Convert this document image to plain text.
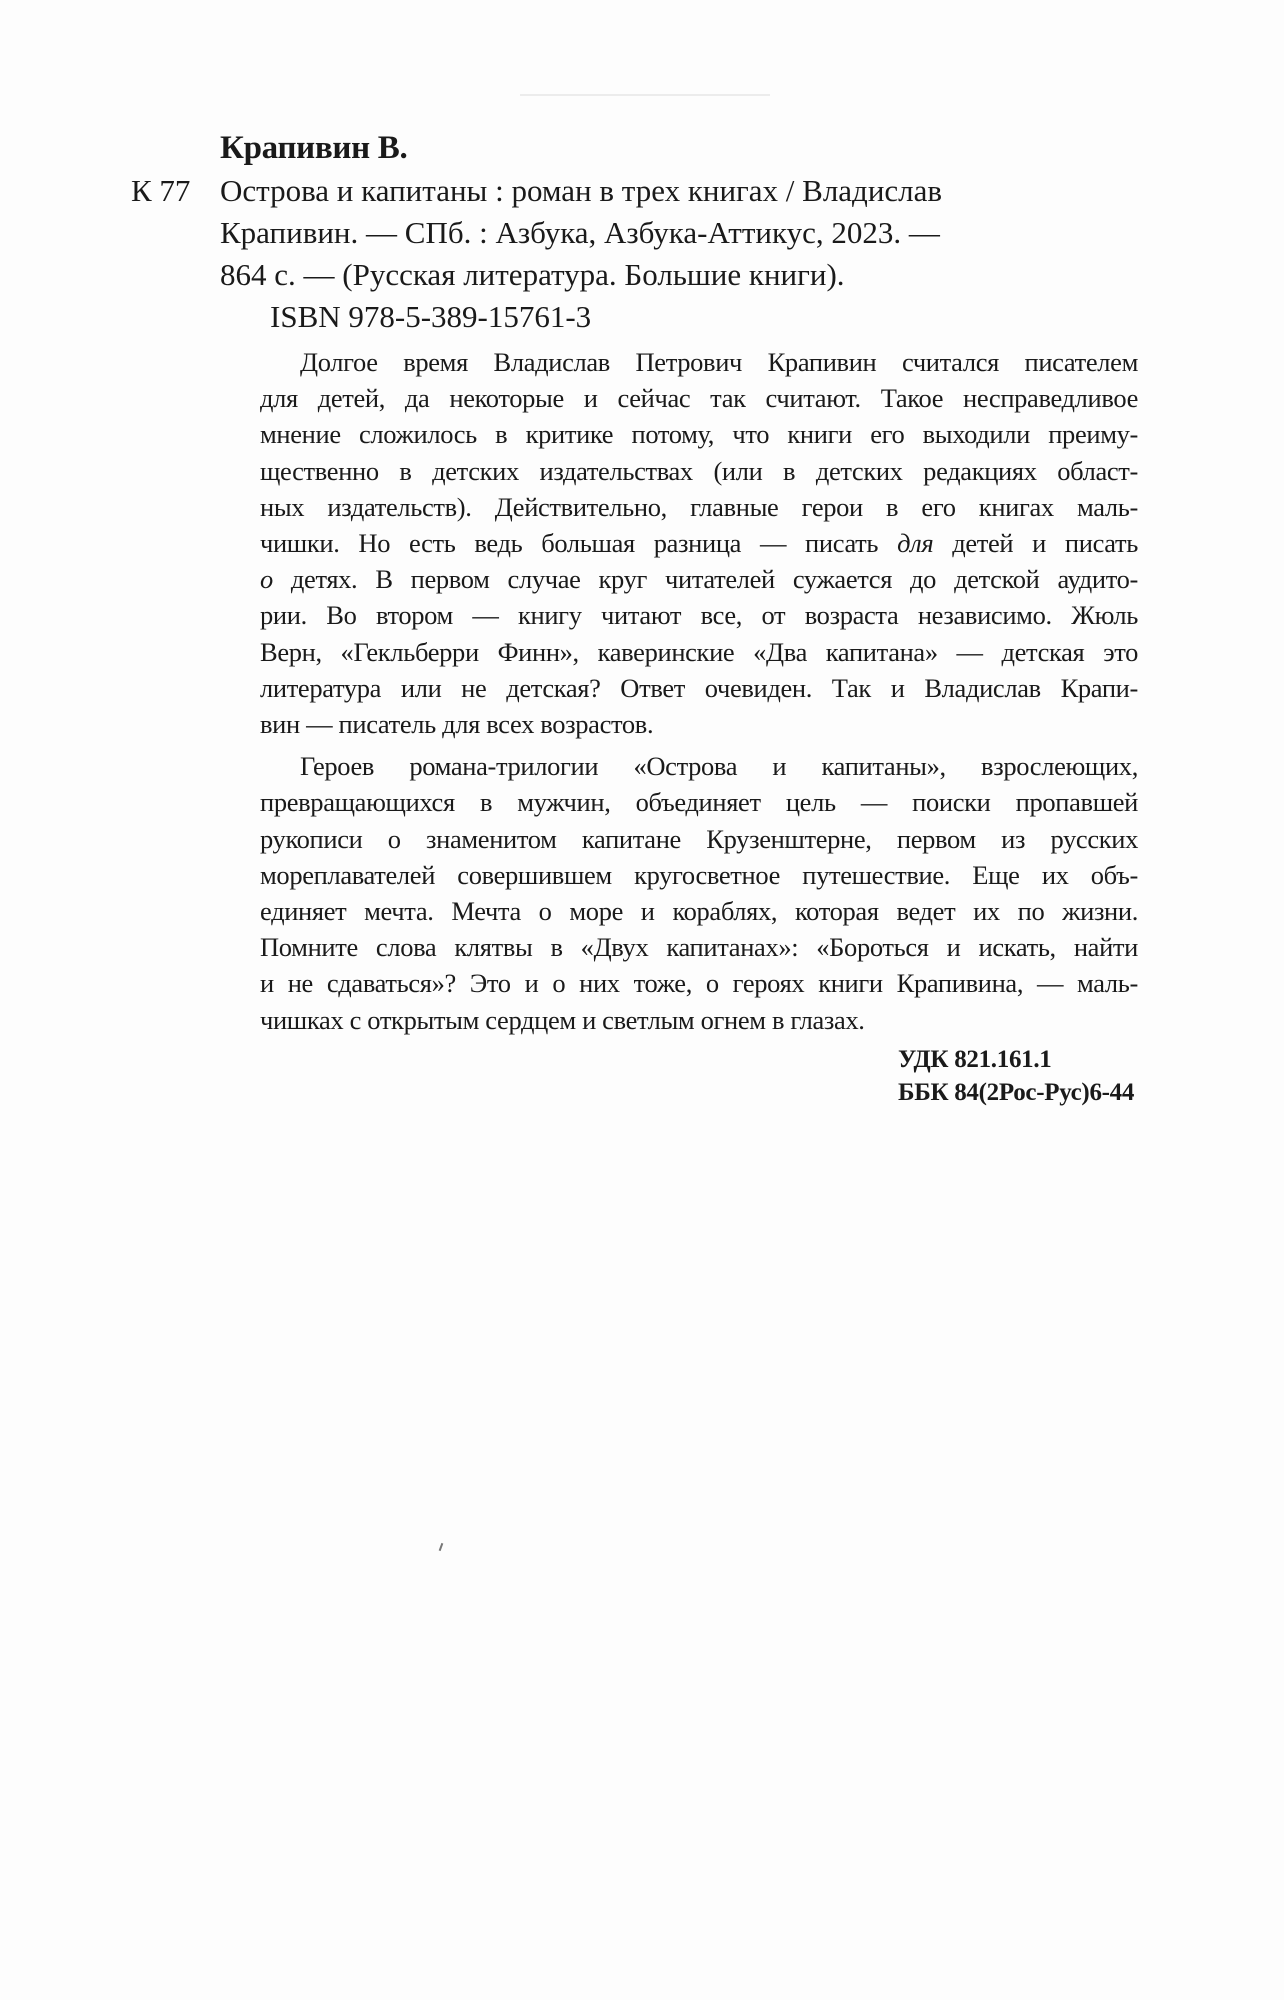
Крапивин В.
К 77 Острова и капитаны : роман в трех книгах / Владислав
Крапивин. — СПб. : Азбука, Азбука-Аттикус, 2023. —
864 с. — (Русская литература. Большие книги).
ISBN 978-5-389-15761-3
Долгое время Владислав Петрович Крапивин считался писателем
для детей, да некоторые и сейчас так считают. Такое несправедливое
мнение сложилось в критике потому, что книги его выходили преиму-
щественно в детских издательствах (или в детских редакциях област-
ных издательств). Действительно, главные герои в его книгах маль-
чишки. Но есть ведь большая разница — писать для детей и писать
о детях. В первом случае круг читателей сужается до детской аудито-
рии. Во втором — книгу читают все, от возраста независимо. Жюль
Верн, «Гекльберри Финн», каверинские «Два капитана» — детская это
литература или не детская? Ответ очевиден. Так и Владислав Крапи-
вин — писатель для всех возрастов.
Героев романа-трилогии «Острова и капитаны», взрослеющих,
превращающихся в мужчин, объединяет цель — поиски пропавшей
рукописи о знаменитом капитане Крузенштерне, первом из русских
мореплавателей совершившем кругосветное путешествие. Еще их объ-
единяет мечта. Мечта о море и кораблях, которая ведет их по жизни.
Помните слова клятвы в «Двух капитанах»: «Бороться и искать, найти
и не сдаваться»? Это и о них тоже, о героях книги Крапивина, — маль-
чишках с открытым сердцем и светлым огнем в глазах.
УДК 821.161.1
ББК 84(2Рос-Рус)6-44
